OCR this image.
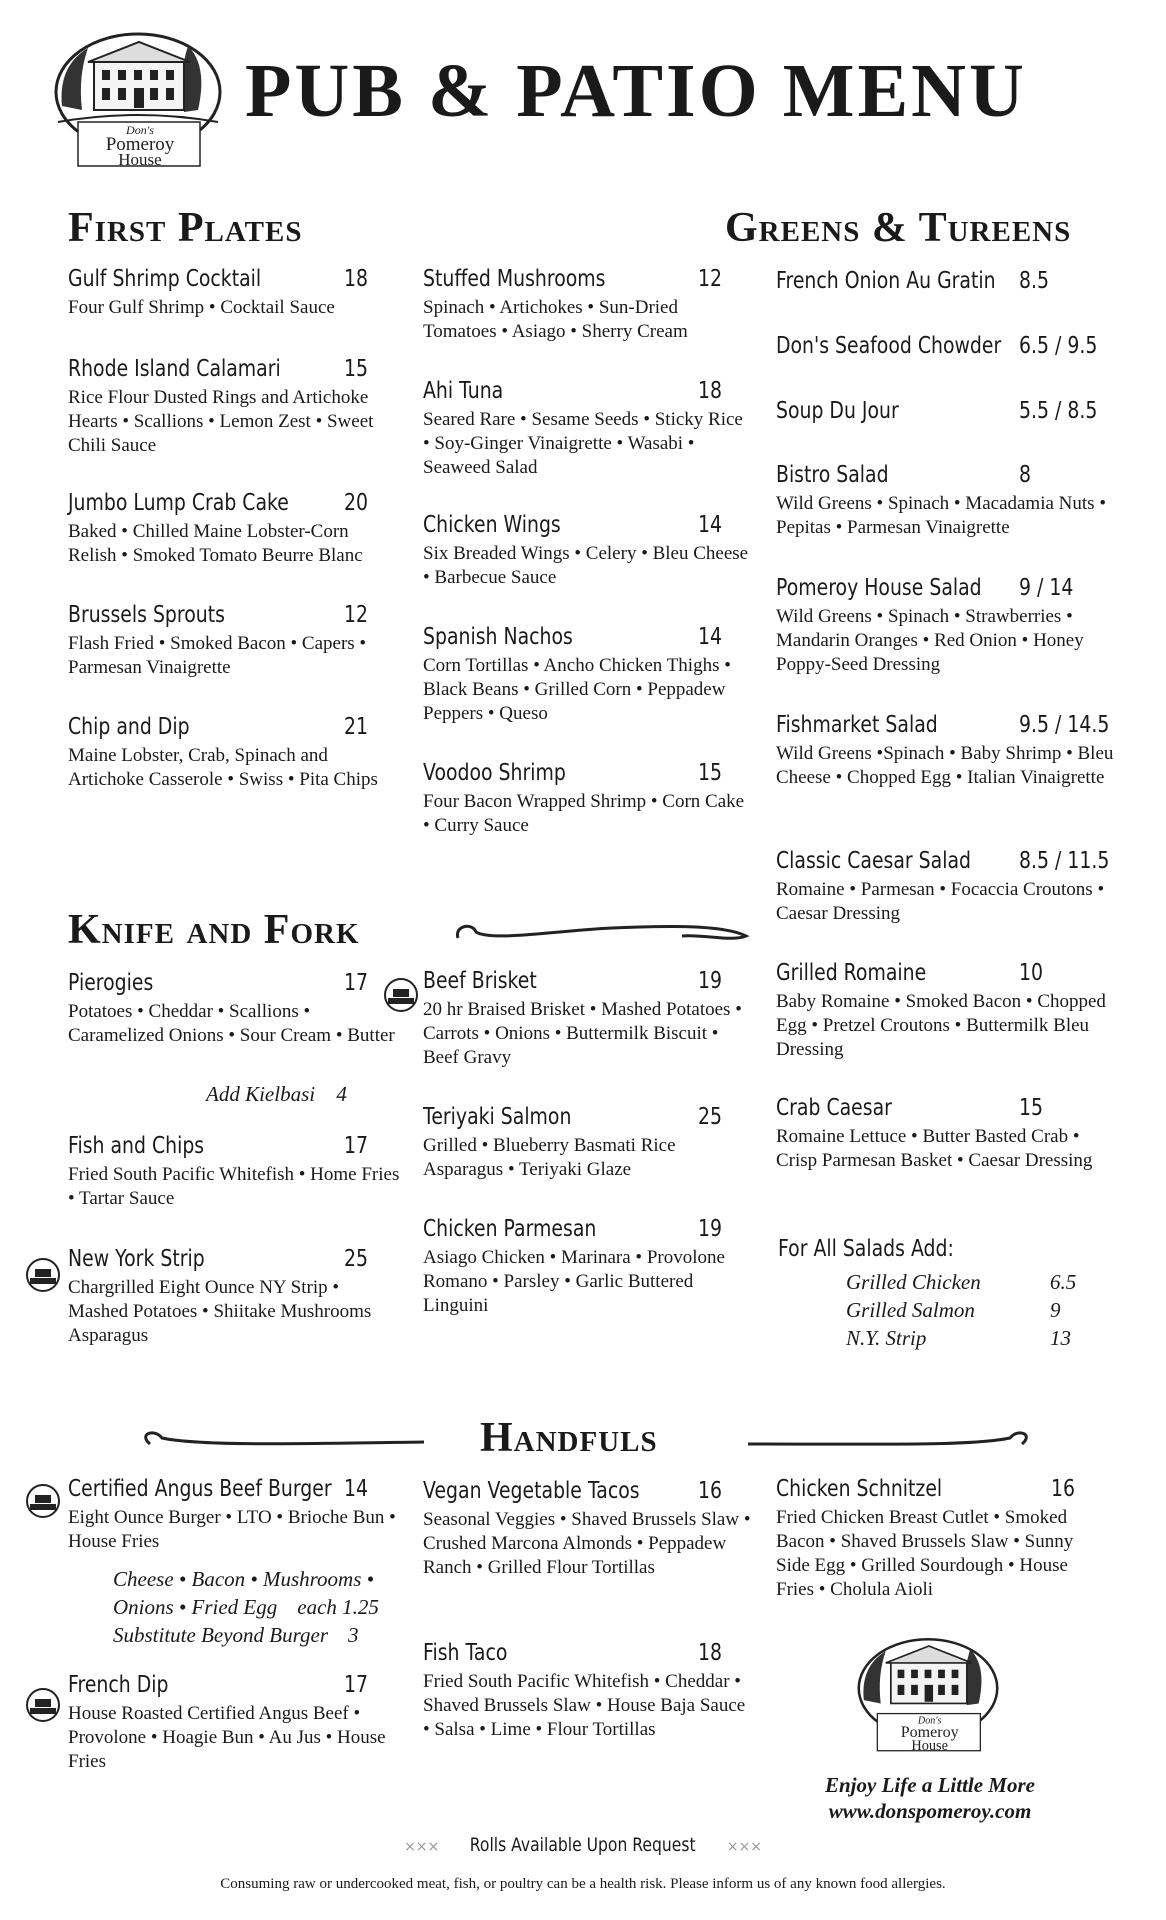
Don's
Pomeroy
House
PUB & PATIO MENU
First Plates	Greens & Tureens
Gulf Shrimp Cocktail	18
Four Gulf Shrimp • Cocktail Sauce
Rhode Island Calamari	15
Rice Flour Dusted Rings and Artichoke Hearts • Scallions • Lemon Zest • Sweet Chili Sauce
Jumbo Lump Crab Cake	20
Baked • Chilled Maine Lobster-Corn Relish • Smoked Tomato Beurre Blanc
Brussels Sprouts	12
Flash Fried • Smoked Bacon • Capers • Parmesan Vinaigrette
Chip and Dip	21
Maine Lobster, Crab, Spinach and Artichoke Casserole • Swiss • Pita Chips
Stuffed Mushrooms	12
Spinach • Artichokes • Sun-Dried Tomatoes • Asiago • Sherry Cream
Ahi Tuna	18
Seared Rare • Sesame Seeds • Sticky Rice • Soy-Ginger Vinaigrette • Wasabi • Seaweed Salad
Chicken Wings	14
Six Breaded Wings • Celery • Bleu Cheese • Barbecue Sauce
Spanish Nachos	14
Corn Tortillas • Ancho Chicken Thighs • Black Beans • Grilled Corn • Peppadew Peppers • Queso
Voodoo Shrimp	15
Four Bacon Wrapped Shrimp • Corn Cake • Curry Sauce
French Onion Au Gratin	8.5
Don's Seafood Chowder 6.5 / 9.5
Soup Du Jour	5.5 / 8.5
Bistro Salad	8
Wild Greens • Spinach • Macadamia Nuts • Pepitas • Parmesan Vinaigrette
Pomeroy House Salad	9 / 14
Wild Greens • Spinach • Strawberries • Mandarin Oranges • Red Onion • Honey Poppy-Seed Dressing
Fishmarket Salad	9.5 / 14.5
Wild Greens •Spinach • Baby Shrimp • Bleu Cheese • Chopped Egg • Italian Vinaigrette
Classic Caesar Salad	8.5 / 11.5
Romaine • Parmesan • Focaccia Croutons • Caesar Dressing
Grilled Romaine	10
Baby Romaine • Smoked Bacon • Chopped Egg • Pretzel Croutons • Buttermilk Bleu Dressing
Crab Caesar	15
Romaine Lettuce • Butter Basted Crab • Crisp Parmesan Basket • Caesar Dressing
For All Salads Add:
Grilled Chicken	6.5
Grilled Salmon	9
N.Y. Strip	13
Knife and Fork
Pierogies	17
Potatoes • Cheddar • Scallions • Caramelized Onions • Sour Cream • Butter
Fish and Chips	17
Fried South Pacific Whitefish • Home Fries • Tartar Sauce
New York Strip	25
Chargrilled Eight Ounce NY Strip • Mashed Potatoes • Shiitake Mushrooms Asparagus
Beef Brisket	19
20 hr Braised Brisket • Mashed Potatoes • Carrots • Onions • Buttermilk Biscuit • Beef Gravy
Teriyaki Salmon	25
Grilled • Blueberry Basmati Rice Asparagus • Teriyaki Glaze
Chicken Parmesan	19
Asiago Chicken • Marinara • Provolone Romano • Parsley • Garlic Buttered Linguini
Add Kielbasi 4
Handfuls
Certified Angus Beef Burger 14
Eight Ounce Burger • LTO • Brioche Bun • House Fries
French Dip	17
House Roasted Certified Angus Beef • Provolone • Hoagie Bun • Au Jus • House Fries
Vegan Vegetable Tacos	16
Seasonal Veggies • Shaved Brussels Slaw • Crushed Marcona Almonds • Peppadew Ranch • Grilled Flour Tortillas
Fish Taco	18
Fried South Pacific Whitefish • Cheddar • Shaved Brussels Slaw • House Baja Sauce • Salsa • Lime • Flour Tortillas
Chicken Schnitzel	16
Fried Chicken Breast Cutlet • Smoked Bacon • Shaved Brussels Slaw • Sunny Side Egg • Grilled Sourdough • House Fries • Cholula Aioli
Cheese • Bacon • Mushrooms •
Onions • Fried Egg each 1.25
Substitute Beyond Burger 3
Don's
Pomeroy
House
Enjoy Life a Little More
www.donspomeroy.com
××× Rolls Available Upon Request ×××
Consuming raw or undercooked meat, fish, or poultry can be a health risk. Please inform us of any known food allergies.
